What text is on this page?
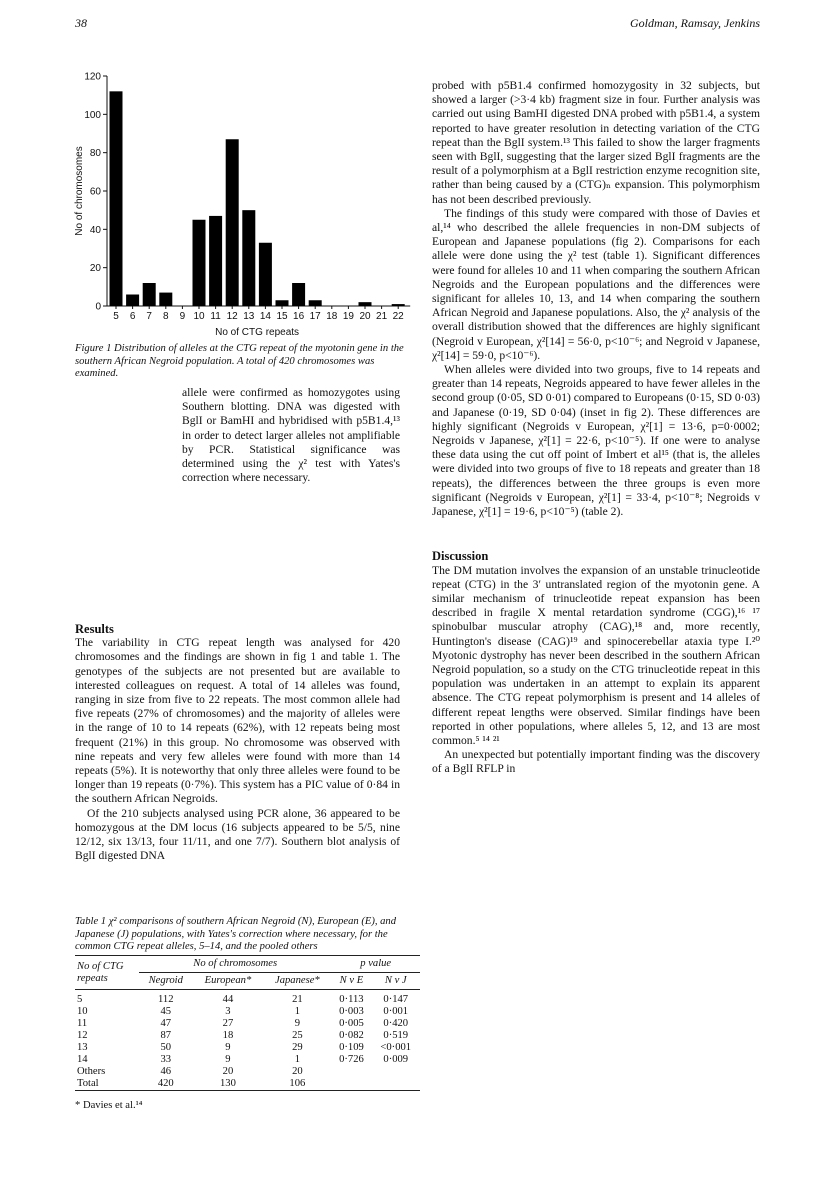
38	Goldman, Ramsay, Jenkins
0
20
40
60
80
100
120
5 6 7 8 9 10 11 12 13 14 15 16 17 18 19 20 21 22
No of CTG repeats
No of chromosomes
Figure 1 Distribution of alleles at the CTG repeat of the myotonin gene in the southern African Negroid population. A total of 420 chromosomes was examined.

allele were confirmed as homozygotes using Southern blotting. DNA was digested with BglI or BamHI and hybridised with p5B1.4,¹³ in order to detect larger alleles not amplifiable by PCR. Statistical significance was determined using the χ² test with Yates's correction where necessary.

Results

The variability in CTG repeat length was analysed for 420 chromosomes and the findings are shown in fig 1 and table 1. The genotypes of the subjects are not presented but are available to interested colleagues on request. A total of 14 alleles was found, ranging in size from five to 22 repeats. The most common allele had five repeats (27% of chromosomes) and the majority of alleles were in the range of 10 to 14 repeats (62%), with 12 repeats being most frequent (21%) in this group. No chromosome was observed with nine repeats and very few alleles were found with more than 14 repeats (5%). It is noteworthy that only three alleles were found to be longer than 19 repeats (0·7%). This system has a PIC value of 0·84 in the southern African Negroids.

Of the 210 subjects analysed using PCR alone, 36 appeared to be homozygous at the DM locus (16 subjects appeared to be 5/5, nine 12/12, six 13/13, four 11/11, and one 7/7). Southern blot analysis of BglI digested DNA

Table 1 χ² comparisons of southern African Negroid (N), European (E), and Japanese (J) populations, with Yates's correction where necessary, for the common CTG repeat alleles, 5–14, and the pooled others
No of CTG repeats	No of chromosomes			p value	
	Negroid	European*	Japanese*	N v E	N v J
5	112	44	21	0·113	0·147
10	45	3	1	0·003	0·001
11	47	27	9	0·005	0·420
12	87	18	25	0·082	0·519
13	50	9	29	0·109	<0·001
14	33	9	1	0·726	0·009
Others	46	20	20		
Total	420	130	106		
* Davies et al.¹⁴

probed with p5B1.4 confirmed homozygosity in 32 subjects, but showed a larger (>3·4 kb) fragment size in four. Further analysis was carried out using BamHI digested DNA probed with p5B1.4, a system reported to have greater resolution in detecting variation of the CTG repeat than the BglI system.¹³ This failed to show the larger fragments seen with BglI, suggesting that the larger sized BglI fragments are the result of a polymorphism at a BglI restriction enzyme recognition site, rather than being caused by a (CTG)ₙ expansion. This polymorphism has not been described previously.

The findings of this study were compared with those of Davies et al,¹⁴ who described the allele frequencies in non-DM subjects of European and Japanese populations (fig 2). Comparisons for each allele were done using the χ² test (table 1). Significant differences were found for alleles 10 and 11 when comparing the southern African Negroids and the European populations and the differences were significant for alleles 10, 13, and 14 when comparing the southern African Negroid and Japanese populations. Also, the χ² analysis of the overall distribution showed that the differences are highly significant (Negroid v European, χ²[14] = 56·0, p<10⁻⁶; and Negroid v Japanese, χ²[14] = 59·0, p<10⁻⁶).

When alleles were divided into two groups, five to 14 repeats and greater than 14 repeats, Negroids appeared to have fewer alleles in the second group (0·05, SD 0·01) compared to Europeans (0·15, SD 0·03) and Japanese (0·19, SD 0·04) (inset in fig 2). These differences are highly significant (Negroids v European, χ²[1] = 13·6, p=0·0002; Negroids v Japanese, χ²[1] = 22·6, p<10⁻⁵). If one were to analyse these data using the cut off point of Imbert et al¹⁵ (that is, the alleles were divided into two groups of five to 18 repeats and greater than 18 repeats), the differences between the three groups is even more significant (Negroids v European, χ²[1] = 33·4, p<10⁻⁸; Negroids v Japanese, χ²[1] = 19·6, p<10⁻⁵) (table 2).

Discussion

The DM mutation involves the expansion of an unstable trinucleotide repeat (CTG) in the 3′ untranslated region of the myotonin gene. A similar mechanism of trinucleotide repeat expansion has been described in fragile X mental retardation syndrome (CGG),¹⁶ ¹⁷ spinobulbar muscular atrophy (CAG),¹⁸ and, more recently, Huntington's disease (CAG)¹⁹ and spinocerebellar ataxia type I.²⁰ Myotonic dystrophy has never been described in the southern African Negroid population, so a study on the CTG trinucleotide repeat in this population was undertaken in an attempt to explain its apparent absence. The CTG repeat polymorphism is present and 14 alleles of different repeat lengths were observed. Similar findings have been reported in other populations, where alleles 5, 12, and 13 are most common.⁵ ¹⁴ ²¹

An unexpected but potentially important finding was the discovery of a BglI RFLP in
